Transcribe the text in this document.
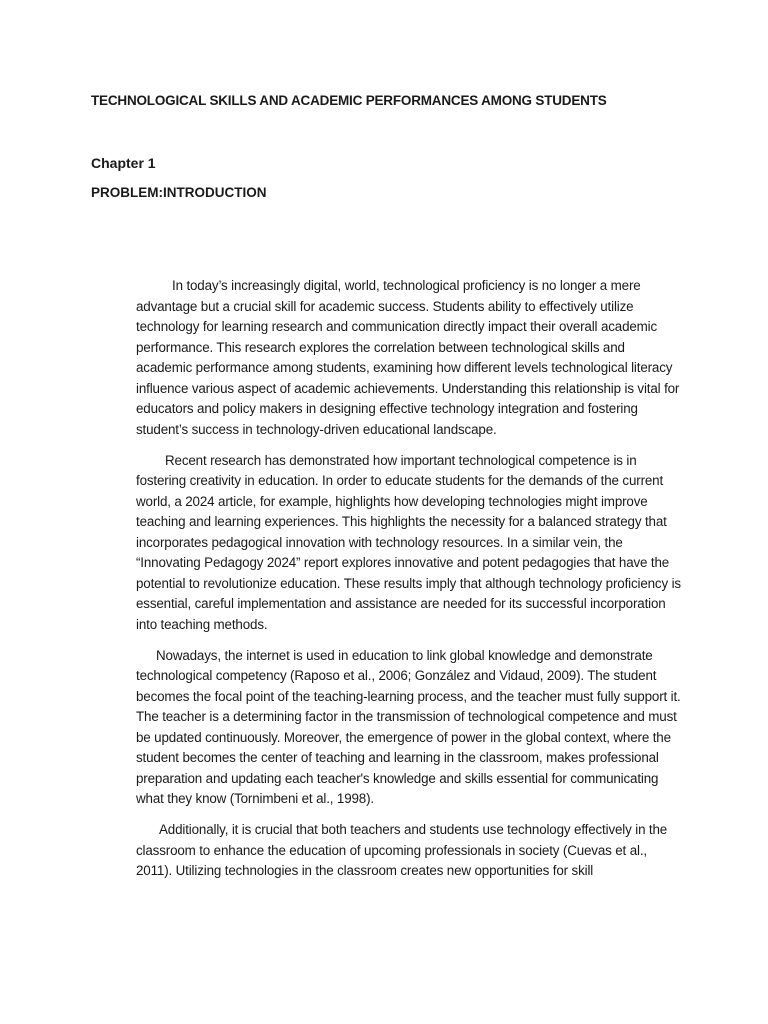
TECHNOLOGICAL SKILLS AND ACADEMIC PERFORMANCES AMONG STUDENTS
Chapter 1
PROBLEM:INTRODUCTION

In today’s increasingly digital, world, technological proficiency is no longer a mere advantage but a crucial skill for academic success. Students ability to effectively utilize technology for learning research and communication directly impact their overall academic performance. This research explores the correlation between technological skills and academic performance among students, examining how different levels technological literacy influence various aspect of academic achievements. Understanding this relationship is vital for educators and policy makers in designing effective technology integration and fostering student’s success in technology-driven educational landscape.

Recent research has demonstrated how important technological competence is in fostering creativity in education. In order to educate students for the demands of the current world, a 2024 article, for example, highlights how developing technologies might improve teaching and learning experiences. This highlights the necessity for a balanced strategy that incorporates pedagogical innovation with technology resources. In a similar vein, the “Innovating Pedagogy 2024” report explores innovative and potent pedagogies that have the potential to revolutionize education. These results imply that although technology proficiency is essential, careful implementation and assistance are needed for its successful incorporation into teaching methods.

Nowadays, the internet is used in education to link global knowledge and demonstrate technological competency (Raposo et al., 2006; González and Vidaud, 2009). The student becomes the focal point of the teaching-learning process, and the teacher must fully support it. The teacher is a determining factor in the transmission of technological competence and must be updated continuously. Moreover, the emergence of power in the global context, where the student becomes the center of teaching and learning in the classroom, makes professional preparation and updating each teacher's knowledge and skills essential for communicating what they know (Tornimbeni et al., 1998).

Additionally, it is crucial that both teachers and students use technology effectively in the classroom to enhance the education of upcoming professionals in society (Cuevas et al., 2011). Utilizing technologies in the classroom creates new opportunities for skill
